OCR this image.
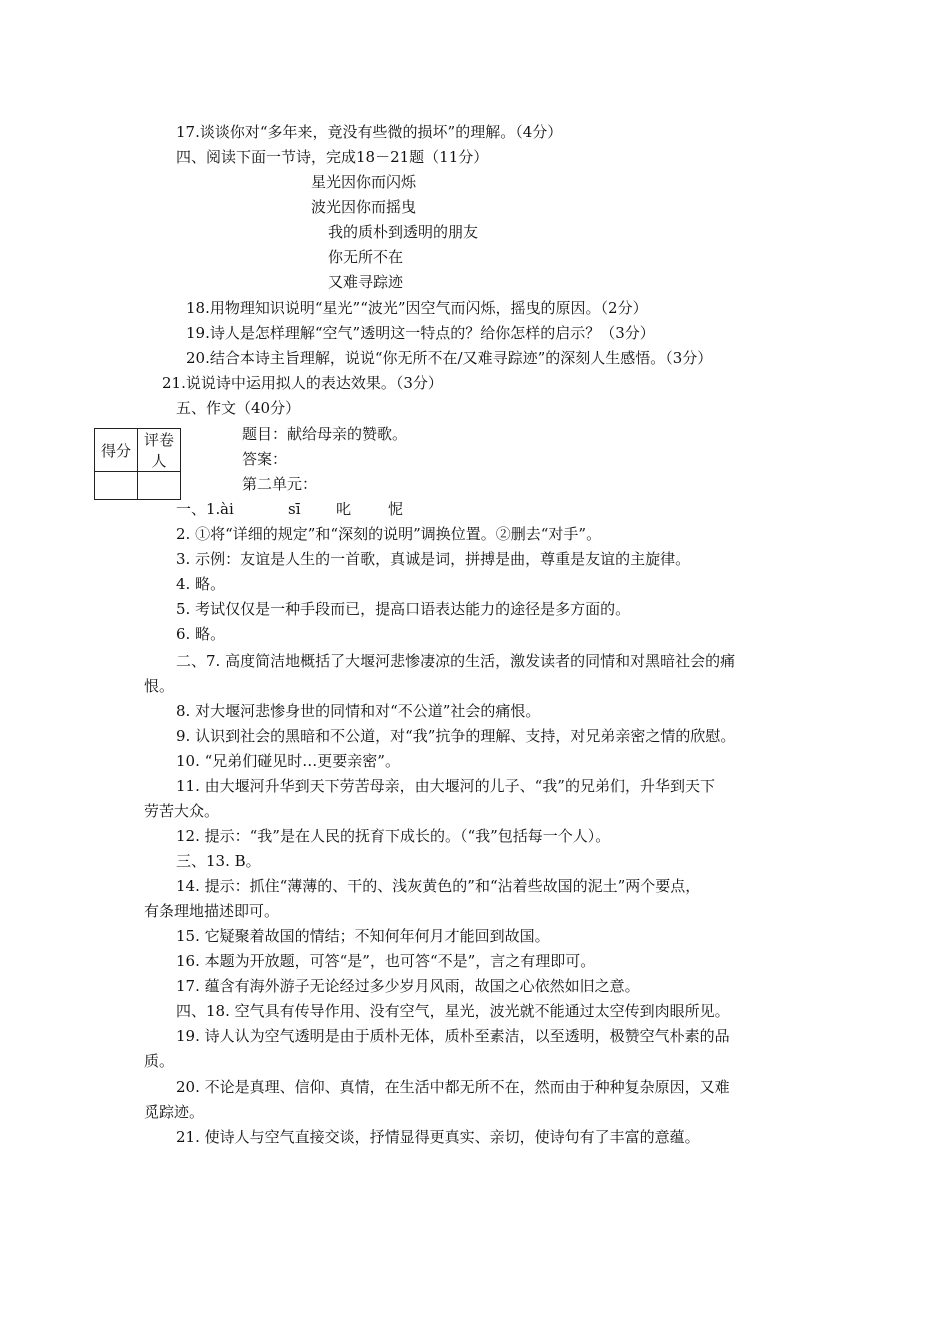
17.谈谈你对“多年来，竟没有些微的损坏”的理解。（4分）
四、阅读下面一节诗，完成18－21题（11分）
星光因你而闪烁
波光因你而摇曳
我的质朴到透明的朋友
你无所不在
又难寻踪迹
18.用物理知识说明“星光”“波光”因空气而闪烁，摇曳的原因。（2分）
19.诗人是怎样理解“空气”透明这一特点的？给你怎样的启示？（3分）
20.结合本诗主旨理解，说说“你无所不在/又难寻踪迹”的深刻人生感悟。（3分）
21.说说诗中运用拟人的表达效果。（3分）
五、作文（40分）
得分	评卷人

题目：献给母亲的赞歌。
答案：
第二单元：
一、1. ài	sī 叱 怩
2. ①将“详细的规定”和“深刻的说明”调换位置。②删去“对手”。
3. 示例：友谊是人生的一首歌，真诚是词，拼搏是曲，尊重是友谊的主旋律。
4. 略。
5. 考试仅仅是一种手段而已，提高口语表达能力的途径是多方面的。
6. 略。
二、7. 高度简洁地概括了大堰河悲惨凄凉的生活，激发读者的同情和对黑暗社会的痛
恨。
8. 对大堰河悲惨身世的同情和对“不公道”社会的痛恨。
9. 认识到社会的黑暗和不公道，对“我”抗争的理解、支持，对兄弟亲密之情的欣慰。
10. “兄弟们碰见时…更要亲密”。
11. 由大堰河升华到天下劳苦母亲，由大堰河的儿子、“我”的兄弟们，升华到天下
劳苦大众。
12. 提示：“我”是在人民的抚育下成长的。（“我”包括每一个人）。
三、13. B。
14. 提示：抓住“薄薄的、干的、浅灰黄色的”和“沾着些故国的泥土”两个要点，
有条理地描述即可。
15. 它疑聚着故国的情结；不知何年何月才能回到故国。
16. 本题为开放题，可答“是”，也可答“不是”，言之有理即可。
17. 蕴含有海外游子无论经过多少岁月风雨，故国之心依然如旧之意。
四、18. 空气具有传导作用、没有空气，星光，波光就不能通过太空传到肉眼所见。
19. 诗人认为空气透明是由于质朴无体，质朴至素洁，以至透明，极赞空气朴素的品
质。
20. 不论是真理、信仰、真情，在生活中都无所不在，然而由于种种复杂原因，又难
觅踪迹。
21. 使诗人与空气直接交谈，抒情显得更真实、亲切，使诗句有了丰富的意蕴。
